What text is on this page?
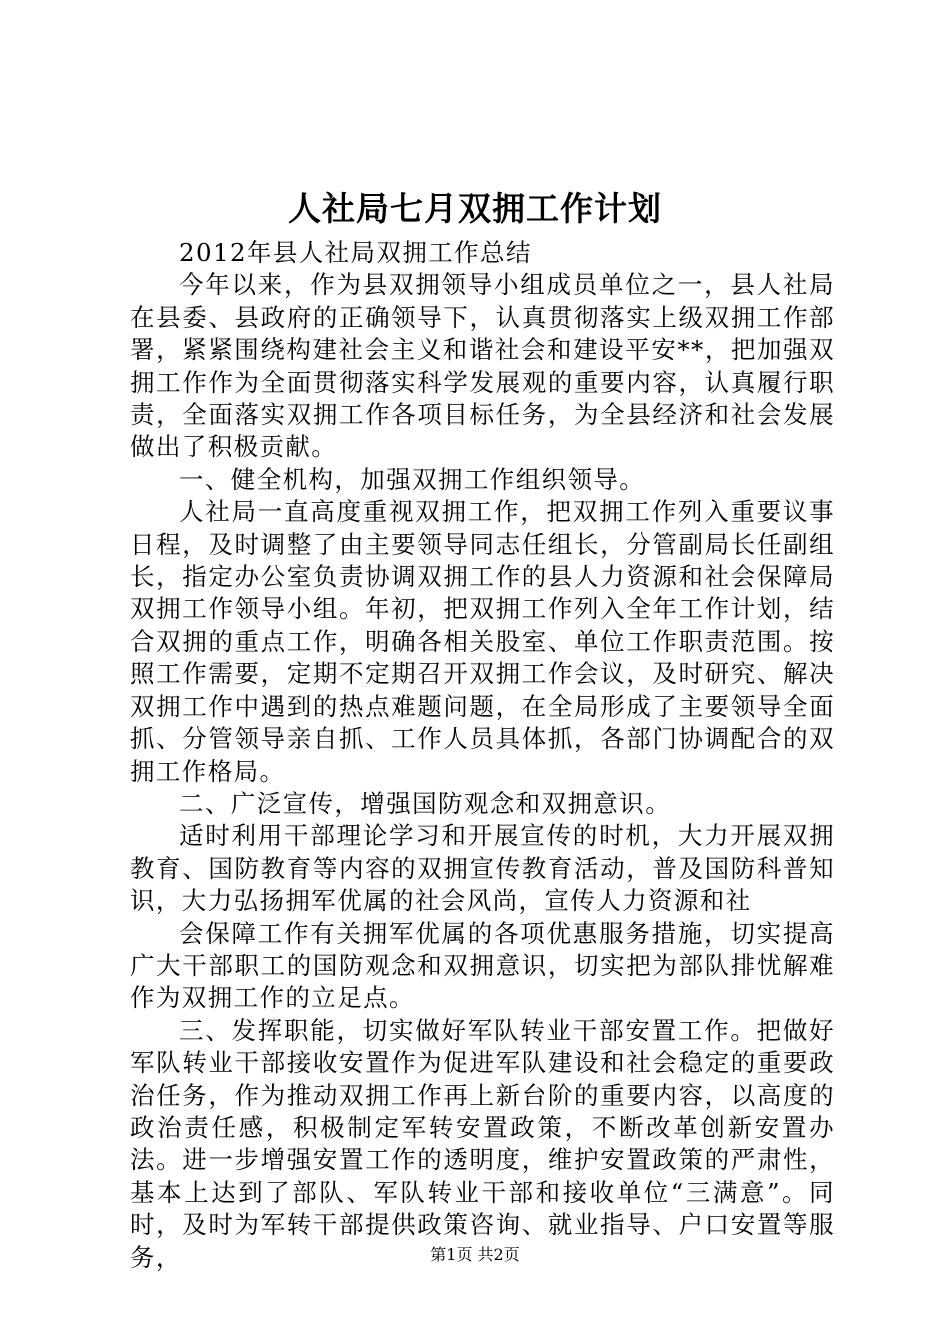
人社局七月双拥工作计划

2012年县人社局双拥工作总结

今年以来，作为县双拥领导小组成员单位之一，县人社局在县委、县政府的正确领导下，认真贯彻落实上级双拥工作部署，紧紧围绕构建社会主义和谐社会和建设平安**，把加强双拥工作作为全面贯彻落实科学发展观的重要内容，认真履行职责，全面落实双拥工作各项目标任务，为全县经济和社会发展做出了积极贡献。

一、健全机构，加强双拥工作组织领导。

人社局一直高度重视双拥工作，把双拥工作列入重要议事日程，及时调整了由主要领导同志任组长，分管副局长任副组长，指定办公室负责协调双拥工作的县人力资源和社会保障局双拥工作领导小组。年初，把双拥工作列入全年工作计划，结合双拥的重点工作，明确各相关股室、单位工作职责范围。按照工作需要，定期不定期召开双拥工作会议，及时研究、解决双拥工作中遇到的热点难题问题，在全局形成了主要领导全面抓、分管领导亲自抓、工作人员具体抓，各部门协调配合的双拥工作格局。

二、广泛宣传，增强国防观念和双拥意识。

适时利用干部理论学习和开展宣传的时机，大力开展双拥教育、国防教育等内容的双拥宣传教育活动，普及国防科普知识，大力弘扬拥军优属的社会风尚，宣传人力资源和社

会保障工作有关拥军优属的各项优惠服务措施，切实提高广大干部职工的国防观念和双拥意识，切实把为部队排忧解难作为双拥工作的立足点。

三、发挥职能，切实做好军队转业干部安置工作。把做好军队转业干部接收安置作为促进军队建设和社会稳定的重要政治任务，作为推动双拥工作再上新台阶的重要内容，以高度的政治责任感，积极制定军转安置政策，不断改革创新安置办法。进一步增强安置工作的透明度，维护安置政策的严肃性，基本上达到了部队、军队转业干部和接收单位“三满意”。同时，及时为军转干部提供政策咨询、就业指导、户口安置等服务，	第1页 共2页
